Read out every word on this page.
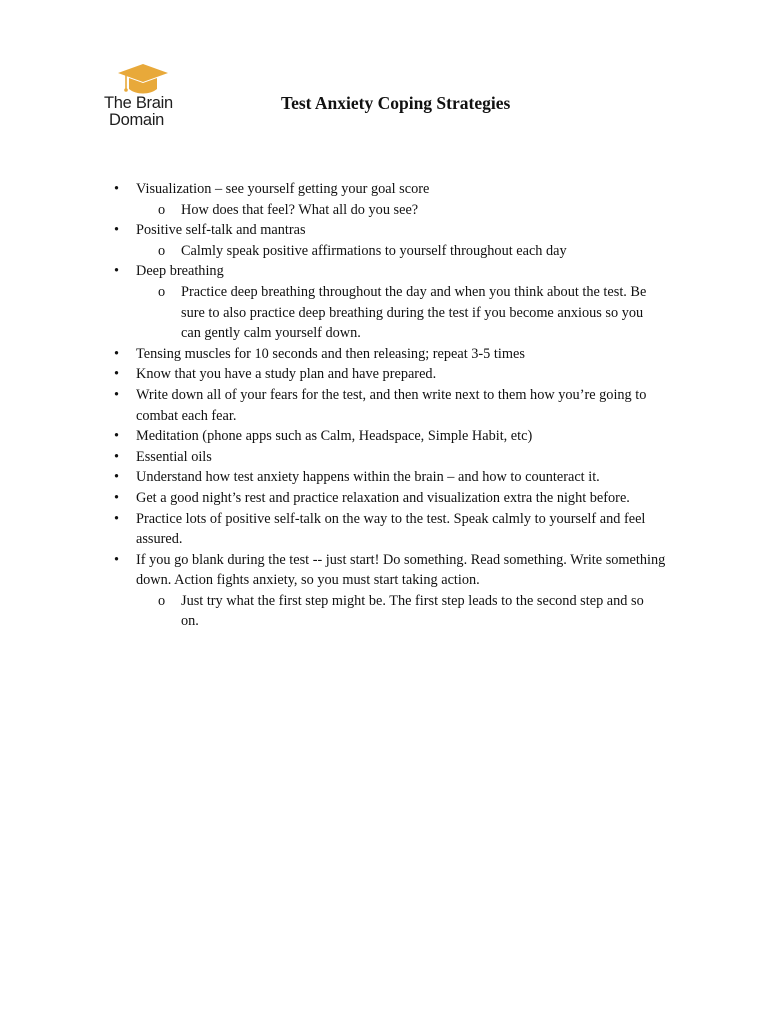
The Brain
Domain
Test Anxiety Coping Strategies
• Visualization – see yourself getting your goal score
o How does that feel? What all do you see?
• Positive self-talk and mantras
o Calmly speak positive affirmations to yourself throughout each day
• Deep breathing
o Practice deep breathing throughout the day and when you think about the test. Be sure to also practice deep breathing during the test if you become anxious so you can gently calm yourself down.
• Tensing muscles for 10 seconds and then releasing; repeat 3-5 times
• Know that you have a study plan and have prepared.
• Write down all of your fears for the test, and then write next to them how you’re going to combat each fear.
• Meditation (phone apps such as Calm, Headspace, Simple Habit, etc)
• Essential oils
• Understand how test anxiety happens within the brain – and how to counteract it.
• Get a good night’s rest and practice relaxation and visualization extra the night before.
• Practice lots of positive self-talk on the way to the test. Speak calmly to yourself and feel assured.
• If you go blank during the test -- just start! Do something. Read something. Write something down. Action fights anxiety, so you must start taking action.
o Just try what the first step might be. The first step leads to the second step and so on.
